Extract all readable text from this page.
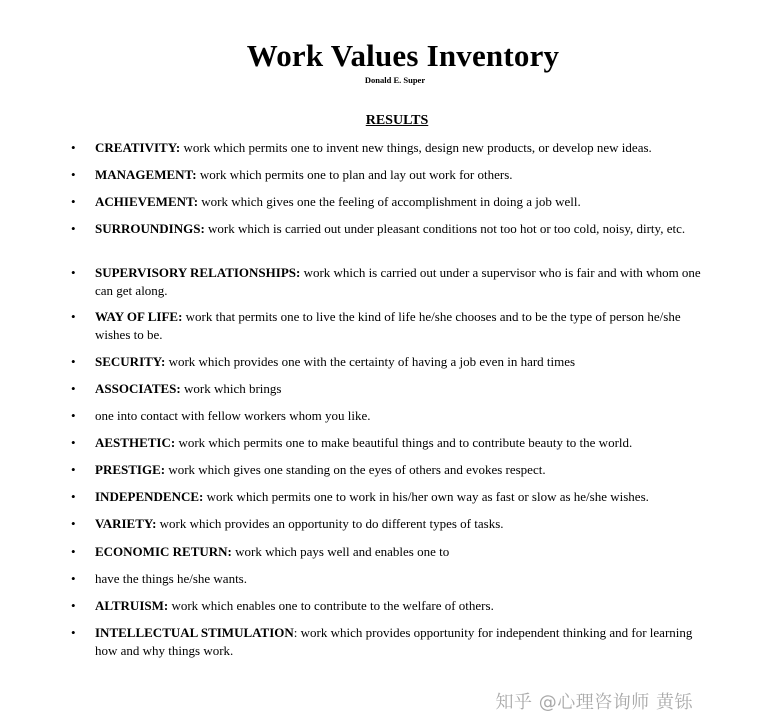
Work Values Inventory
Donald E. Super
RESULTS
• CREATIVITY: work which permits one to invent new things, design new products, or develop new ideas.
• MANAGEMENT: work which permits one to plan and lay out work for others.
• ACHIEVEMENT: work which gives one the feeling of accomplishment in doing a job well.
• SURROUNDINGS: work which is carried out under pleasant conditions not too hot or too cold, noisy, dirty, etc.
• SUPERVISORY RELATIONSHIPS: work which is carried out under a supervisor who is fair and with whom one can get along.
• WAY OF LIFE: work that permits one to live the kind of life he/she chooses and to be the type of person he/she wishes to be.
• SECURITY: work which provides one with the certainty of having a job even in hard times
• ASSOCIATES: work which brings
• one into contact with fellow workers whom you like.
• AESTHETIC: work which permits one to make beautiful things and to contribute beauty to the world.
• PRESTIGE: work which gives one standing on the eyes of others and evokes respect.
• INDEPENDENCE: work which permits one to work in his/her own way as fast or slow as he/she wishes.
• VARIETY: work which provides an opportunity to do different types of tasks.
• ECONOMIC RETURN: work which pays well and enables one to
• have the things he/she wants.
• ALTRUISM: work which enables one to contribute to the welfare of others.
• INTELLECTUAL STIMULATION: work which provides opportunity for independent thinking and for learning how and why things work.
知乎 @心理咨询师 黄铄
